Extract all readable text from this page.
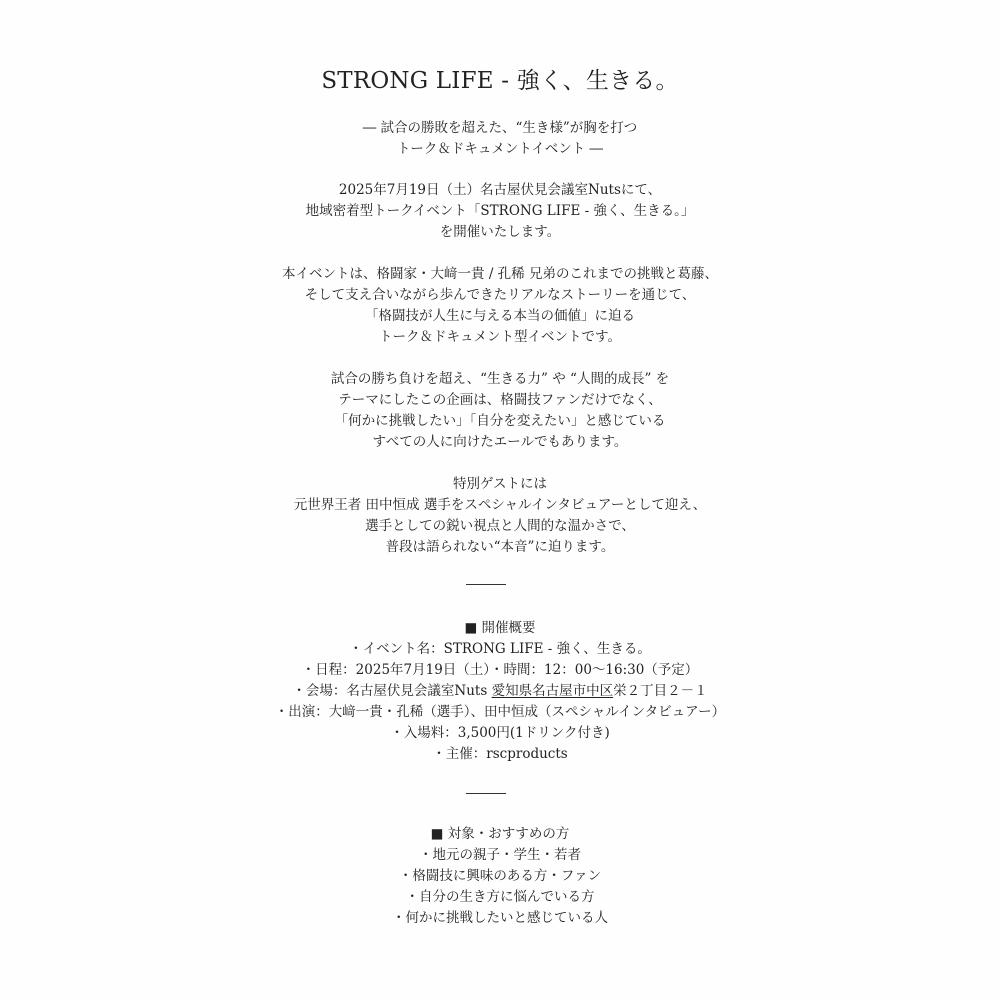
STRONG LIFE - 強く、生きる。
― 試合の勝敗を超えた、“生き様”が胸を打つ
トーク＆ドキュメントイベント ―
2025年7月19日（土）名古屋伏見会議室Nutsにて、
地域密着型トークイベント「STRONG LIFE - 強く、生きる。」
を開催いたします。
本イベントは、格闘家・大﨑一貴 / 孔稀 兄弟のこれまでの挑戦と葛藤、
そして支え合いながら歩んできたリアルなストーリーを通じて、
「格闘技が人生に与える本当の価値」に迫る
トーク＆ドキュメント型イベントです。
試合の勝ち負けを超え、“生きる力” や “人間的成長” を
テーマにしたこの企画は、格闘技ファンだけでなく、
「何かに挑戦したい」「自分を変えたい」と感じている
すべての人に向けたエールでもあります。
特別ゲストには
元世界王者 田中恒成 選手をスペシャルインタビュアーとして迎え、
選手としての鋭い視点と人間的な温かさで、
普段は語られない“本音”に迫ります。
■ 開催概要
・イベント名：STRONG LIFE - 強く、生きる。
・日程：2025年7月19日（土）・時間：12：00～16:30（予定）
・会場：名古屋伏見会議室Nuts 愛知県名古屋市中区栄２丁目２－１
・出演：大﨑一貴・孔稀（選手）、田中恒成（スペシャルインタビュアー）
・入場料：3,500円(1ドリンク付き)
・主催：rscproducts
■ 対象・おすすめの方
・地元の親子・学生・若者
・格闘技に興味のある方・ファン
・自分の生き方に悩んでいる方
・何かに挑戦したいと感じている人
